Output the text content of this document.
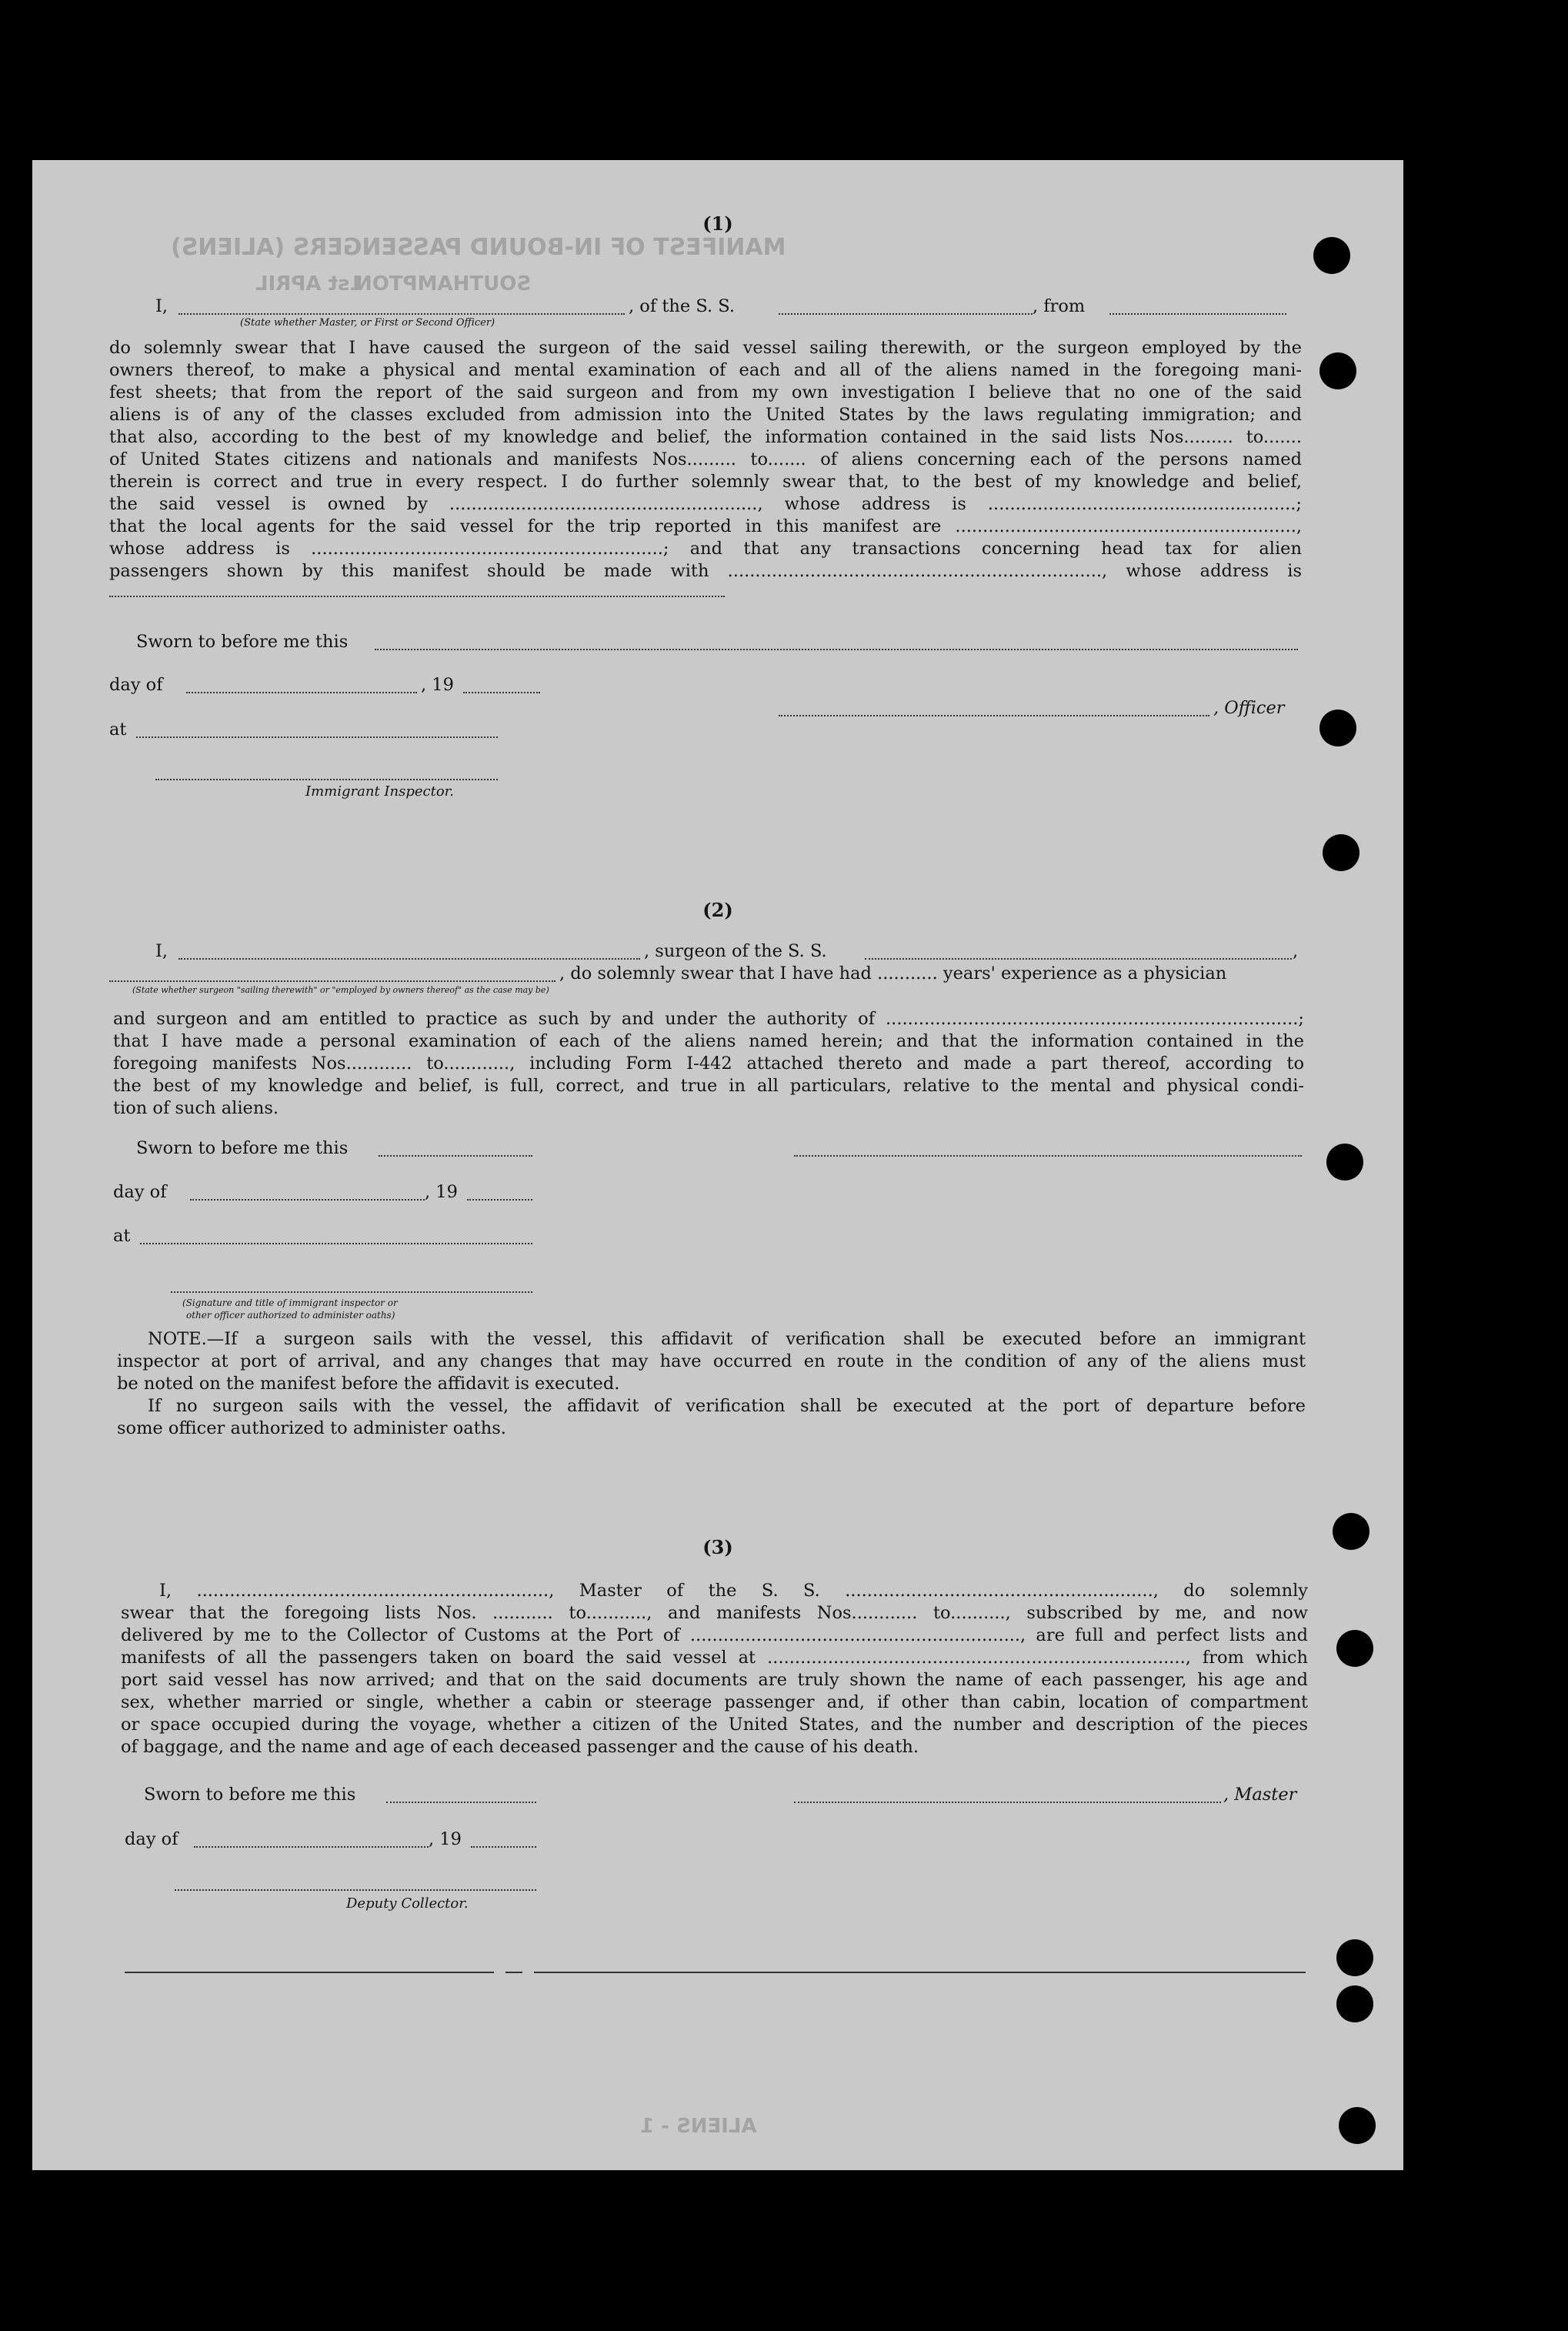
MANIFEST OF IN-BOUND PASSENGERS (ALIENS)
1st APRIL
SOUTHAMPTON
(1)
I,	, of the S. S.	, from
(State whether Master, or First or Second Officer)
do solemnly swear that I have caused the surgeon of the said vessel sailing therewith, or the surgeon employed by the
owners thereof, to make a physical and mental examination of each and all of the aliens named in the foregoing mani-
fest sheets; that from the report of the said surgeon and from my own investigation I believe that no one of the said
aliens is of any of the classes excluded from admission into the United States by the laws regulating immigration; and
that also, according to the best of my knowledge and belief, the information contained in the said lists Nos......... to.......
of United States citizens and nationals and manifests Nos......... to....... of aliens concerning each of the persons named
therein is correct and true in every respect. I do further solemnly swear that, to the best of my knowledge and belief,
the said vessel is owned by ........................................................, whose address is ........................................................;
that the local agents for the said vessel for the trip reported in this manifest are ..............................................................,
whose address is ................................................................; and that any transactions concerning head tax for alien
passengers shown by this manifest should be made with ...................................................................., whose address is
Sworn to before me this
day of	, 19
, Officer
at
Immigrant Inspector.
(2)
I,	, surgeon of the S. S.	,
, do solemnly swear that I have had ........... years' experience as a physician
(State whether surgeon "sailing therewith" or "employed by owners thereof" as the case may be)
and surgeon and am entitled to practice as such by and under the authority of ...........................................................................;
that I have made a personal examination of each of the aliens named herein; and that the information contained in the
foregoing manifests Nos............ to............, including Form I-442 attached thereto and made a part thereof, according to
the best of my knowledge and belief, is full, correct, and true in all particulars, relative to the mental and physical condi-
tion of such aliens.
Sworn to before me this
day of	, 19
at
(Signature and title of immigrant inspector or
other officer authorized to administer oaths)
NOTE.—If a surgeon sails with the vessel, this affidavit of verification shall be executed before an immigrant
inspector at port of arrival, and any changes that may have occurred en route in the condition of any of the aliens must
be noted on the manifest before the affidavit is executed.
If no surgeon sails with the vessel, the affidavit of verification shall be executed at the port of departure before
some officer authorized to administer oaths.
(3)
I, ................................................................, Master of the S. S. ........................................................, do solemnly
swear that the foregoing lists Nos. ........... to..........., and manifests Nos............ to.........., subscribed by me, and now
delivered by me to the Collector of Customs at the Port of ............................................................, are full and perfect lists and
manifests of all the passengers taken on board the said vessel at ............................................................................, from which
port said vessel has now arrived; and that on the said documents are truly shown the name of each passenger, his age and
sex, whether married or single, whether a cabin or steerage passenger and, if other than cabin, location of compartment
or space occupied during the voyage, whether a citizen of the United States, and the number and description of the pieces
of baggage, and the name and age of each deceased passenger and the cause of his death.
Sworn to before me this	, Master
day of	, 19
Deputy Collector.
ALIENS - 1
